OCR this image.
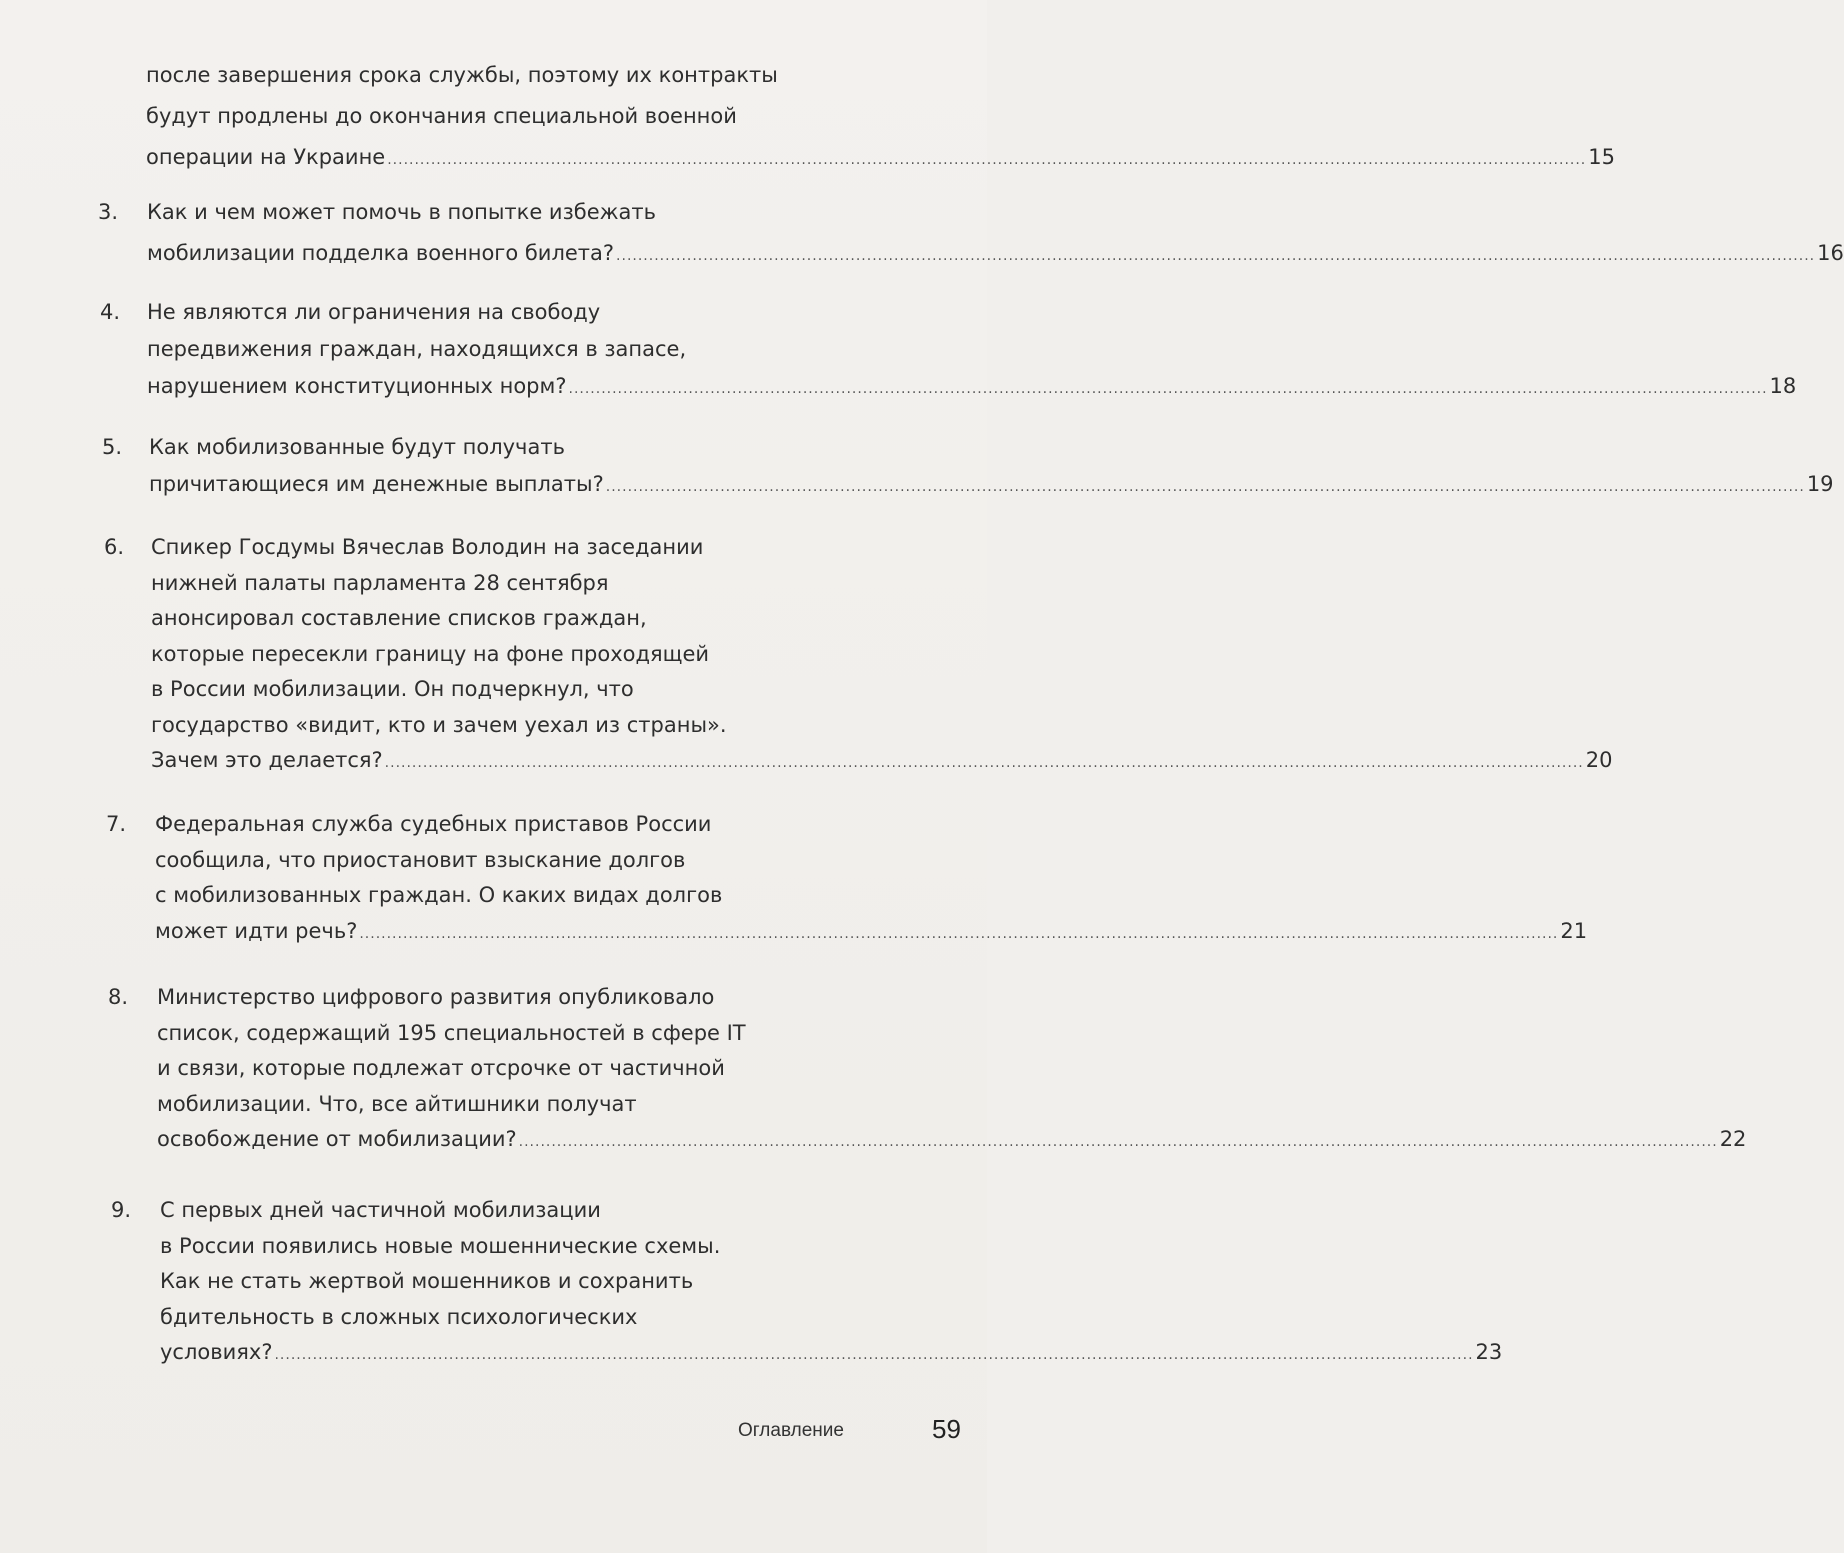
после завершения срока службы, поэтому их контракты
будут продлены до окончания специальной военной
операции на Украине ............................................................................................................................................................................................................................ 15
3. Как и чем может помочь в попытке избежать
мобилизации подделка военного билета? ............................................................................................................................................................................................................................ 16
4. Не являются ли ограничения на свободу
передвижения граждан, находящихся в запасе,
нарушением конституционных норм? ............................................................................................................................................................................................................................ 18
5. Как мобилизованные будут получать
причитающиеся им денежные выплаты? ............................................................................................................................................................................................................................ 19
6. Спикер Госдумы Вячеслав Володин на заседании
нижней палаты парламента 28 сентября
анонсировал составление списков граждан,
которые пересекли границу на фоне проходящей
в России мобилизации. Он подчеркнул, что
государство «видит, кто и зачем уехал из страны».
Зачем это делается? ............................................................................................................................................................................................................................ 20
7. Федеральная служба судебных приставов России
сообщила, что приостановит взыскание долгов
с мобилизованных граждан. О каких видах долгов
может идти речь? ............................................................................................................................................................................................................................ 21
8. Министерство цифрового развития опубликовало
список, содержащий 195 специальностей в сфере IT
и связи, которые подлежат отсрочке от частичной
мобилизации. Что, все айтишники получат
освобождение от мобилизации? ............................................................................................................................................................................................................................ 22
9. С первых дней частичной мобилизации
в России появились новые мошеннические схемы.
Как не стать жертвой мошенников и сохранить
бдительность в сложных психологических
условиях? ............................................................................................................................................................................................................................ 23
Оглавление	59
